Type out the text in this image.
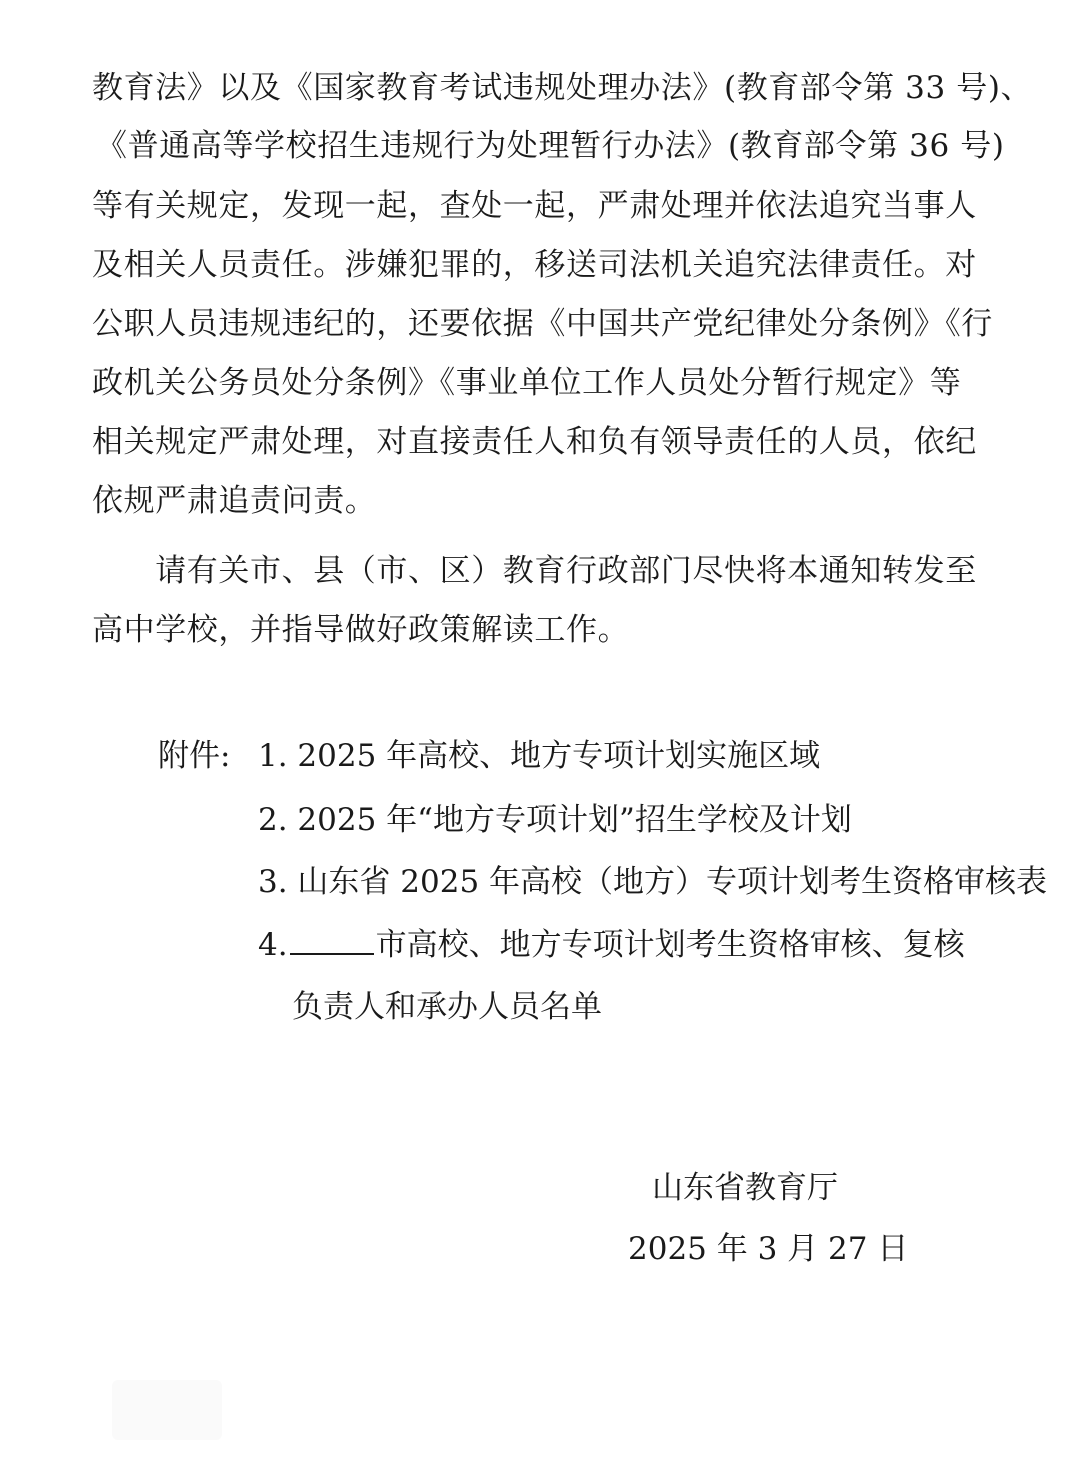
教育法》以及《国家教育考试违规处理办法》(教育部令第 33 号)、
《普通高等学校招生违规行为处理暂行办法》(教育部令第 36 号)
等有关规定，发现一起，查处一起，严肃处理并依法追究当事人
及相关人员责任。涉嫌犯罪的，移送司法机关追究法律责任。对
公职人员违规违纪的，还要依据《中国共产党纪律处分条例》《行
政机关公务员处分条例》《事业单位工作人员处分暂行规定》等
相关规定严肃处理，对直接责任人和负有领导责任的人员，依纪
依规严肃追责问责。
　　请有关市、县（市、区）教育行政部门尽快将本通知转发至
高中学校，并指导做好政策解读工作。
附件: 1. 2025 年高校、地方专项计划实施区域
2. 2025 年“地方专项计划”招生学校及计划
3. 山东省 2025 年高校（地方）专项计划考生资格审核表
4.	市高校、地方专项计划考生资格审核、复核
负责人和承办人员名单
山东省教育厅
2025 年 3 月 27 日
